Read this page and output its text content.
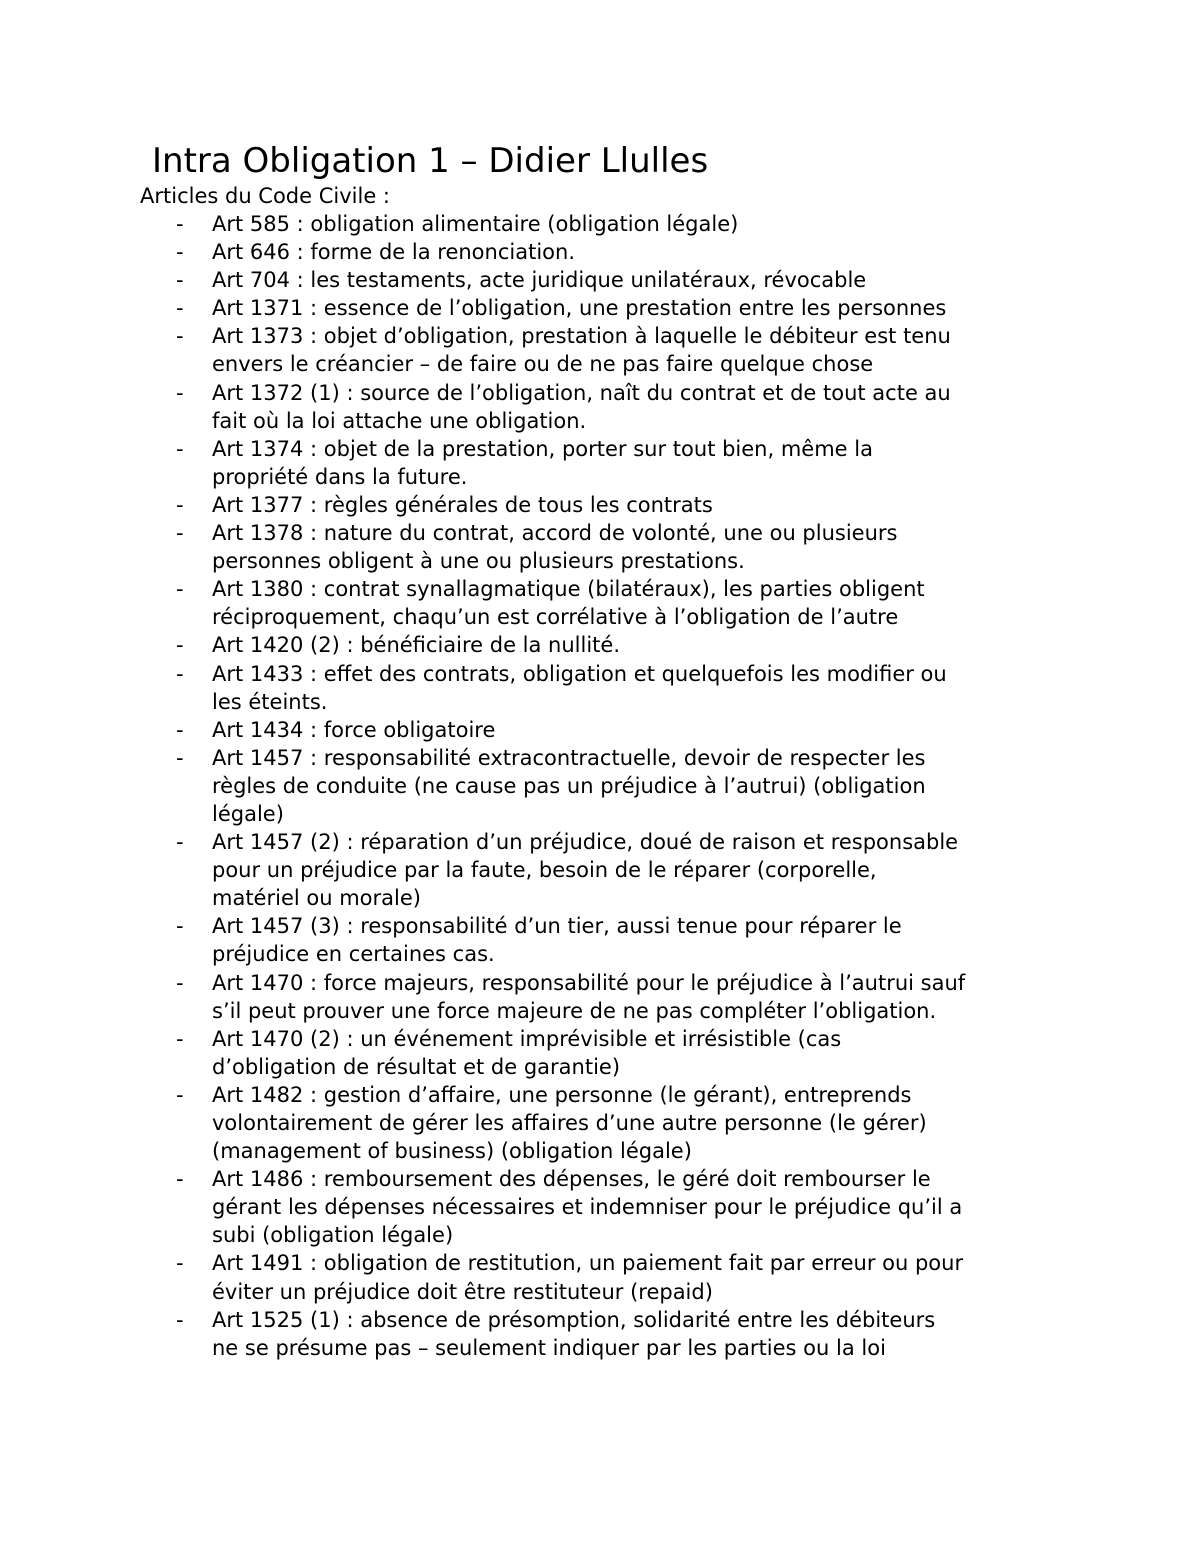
Intra Obligation 1 – Didier Llulles
Articles du Code Civile :
- Art 585 : obligation alimentaire (obligation légale)
- Art 646 : forme de la renonciation.
- Art 704 : les testaments, acte juridique unilatéraux, révocable
- Art 1371 : essence de l’obligation, une prestation entre les personnes
- Art 1373 : objet d’obligation, prestation à laquelle le débiteur est tenu
envers le créancier – de faire ou de ne pas faire quelque chose
- Art 1372 (1) : source de l’obligation, naît du contrat et de tout acte au
fait où la loi attache une obligation.
- Art 1374 : objet de la prestation, porter sur tout bien, même la
propriété dans la future.
- Art 1377 : règles générales de tous les contrats
- Art 1378 : nature du contrat, accord de volonté, une ou plusieurs
personnes obligent à une ou plusieurs prestations.
- Art 1380 : contrat synallagmatique (bilatéraux), les parties obligent
réciproquement, chaqu’un est corrélative à l’obligation de l’autre
- Art 1420 (2) : bénéficiaire de la nullité.
- Art 1433 : effet des contrats, obligation et quelquefois les modifier ou
les éteints.
- Art 1434 : force obligatoire
- Art 1457 : responsabilité extracontractuelle, devoir de respecter les
règles de conduite (ne cause pas un préjudice à l’autrui) (obligation
légale)
- Art 1457 (2) : réparation d’un préjudice, doué de raison et responsable
pour un préjudice par la faute, besoin de le réparer (corporelle,
matériel ou morale)
- Art 1457 (3) : responsabilité d’un tier, aussi tenue pour réparer le
préjudice en certaines cas.
- Art 1470 : force majeurs, responsabilité pour le préjudice à l’autrui sauf
s’il peut prouver une force majeure de ne pas compléter l’obligation.
- Art 1470 (2) : un événement imprévisible et irrésistible (cas
d’obligation de résultat et de garantie)
- Art 1482 : gestion d’affaire, une personne (le gérant), entreprends
volontairement de gérer les affaires d’une autre personne (le gérer)
(management of business) (obligation légale)
- Art 1486 : remboursement des dépenses, le géré doit rembourser le
gérant les dépenses nécessaires et indemniser pour le préjudice qu’il a
subi (obligation légale)
- Art 1491 : obligation de restitution, un paiement fait par erreur ou pour
éviter un préjudice doit être restituteur (repaid)
- Art 1525 (1) : absence de présomption, solidarité entre les débiteurs
ne se présume pas – seulement indiquer par les parties ou la loi
